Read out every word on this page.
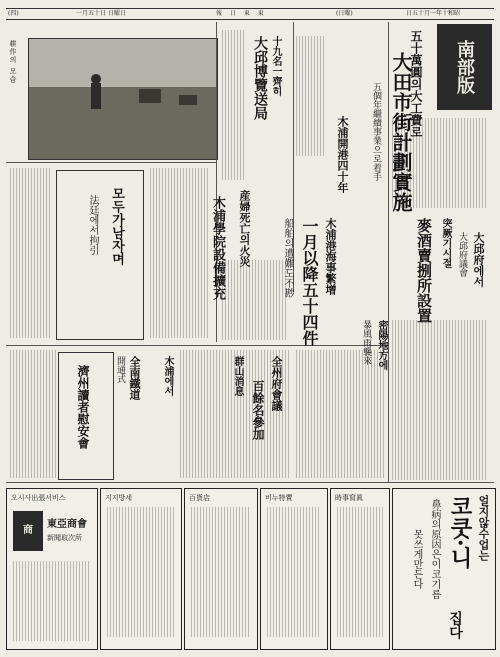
(四)	一月五十日 日曜日	報 日 東 東	(日曜)	日五十月一年十和昭
南部版
耕作의 모습	五十萬圓의大工費로
大田市街計劃實施
五個年繼續事業으로着手
十九名一齊히
大邱博覽送局
木浦開港四十年
木浦港海事繁增
一月以降五十四件
船舶의遭難도不尠
産婦死亡의火災
木浦學院設備擴充	大邱府에서
大邱府議會
突厥기시절
麥酒賣捌所設置
密陽地方에
暴風雨襲來
모두가남자며
法廷에서拘引
濟州讀者慰安會	全南鐵道
開通式	木浦에서	全州府會議
百餘名參加
群山消息
오시사出張서비스
商
東亞商會
新聞取次所
지지방세	百貨店	비누特賣	時事寫眞	얼지않수업는
코쿳·니
집다
鼻病의原因은이코기름
못쓰게만든다
